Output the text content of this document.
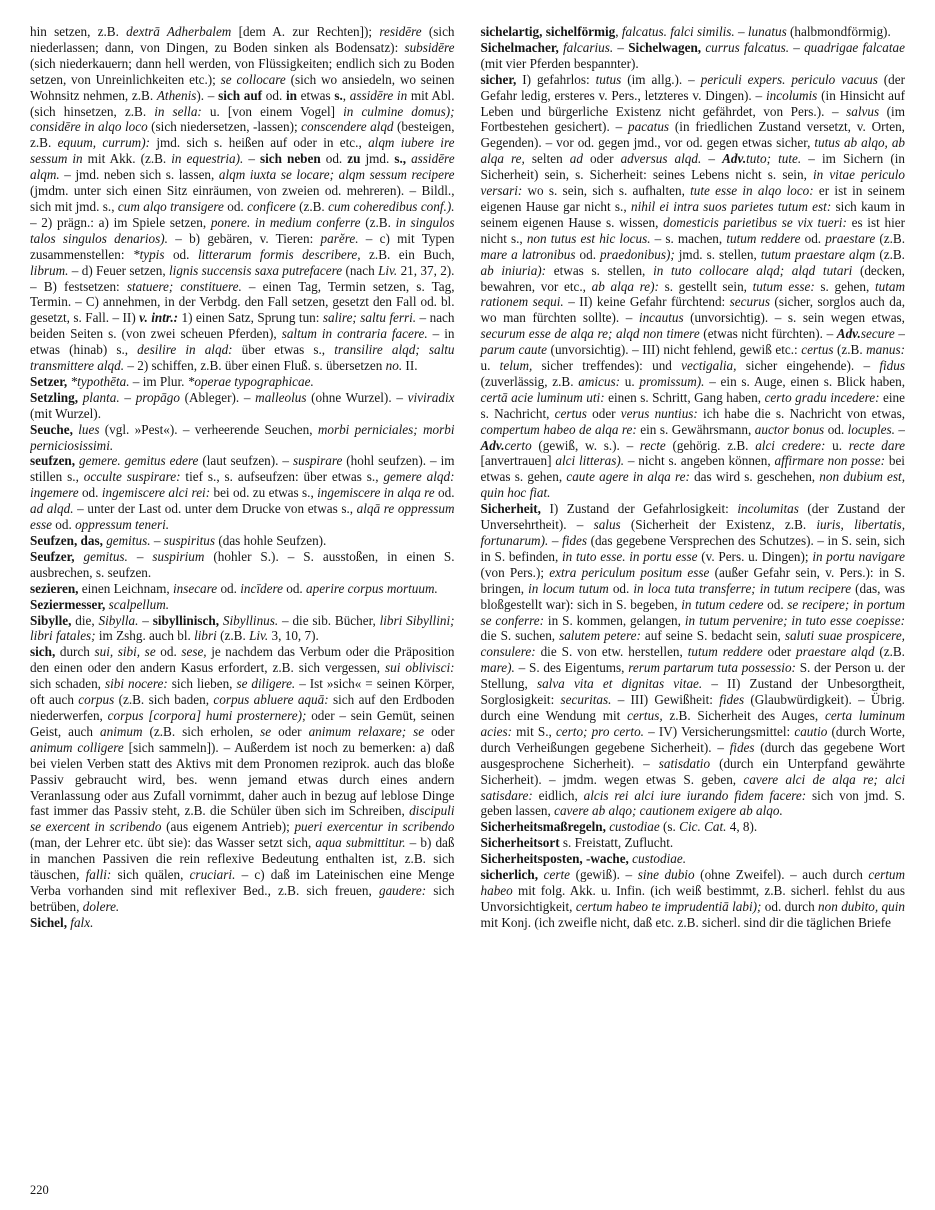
hin setzen, z.B. dextrā Adherbalem [dem A. zur Rechten]); residēre (sich niederlassen; dann, von Dingen, zu Boden sinken als Bodensatz): subsidēre (sich niederkauern; dann hell werden, von Flüssigkeiten; endlich sich zu Boden setzen, von Unreinlichkeiten etc.); se collocare (sich wo ansiedeln, wo seinen Wohnsitz nehmen, z.B. Athenis). – sich auf od. in etwas s., assidēre in mit Abl. (sich hinsetzen, z.B. in sella: u. [von einem Vogel] in culmine domus); considēre in alqo loco (sich niedersetzen, -lassen); conscendere alqd (besteigen, z.B. equum, currum): jmd. sich s. heißen auf oder in etc., alqm iubere ire sessum in mit Akk. (z.B. in equestria). – sich neben od. zu jmd. s., assidēre alqm. – jmd. neben sich s. lassen, alqm iuxta se locare; alqm sessum recipere (jmdm. unter sich einen Sitz einräumen, von zweien od. mehreren). – Bildl., sich mit jmd. s., cum alqo transigere od. conficere (z.B. cum coheredibus conf.). – 2) prägn.: a) im Spiele setzen, ponere. in medium conferre (z.B. in singulos talos singulos denarios). – b) gebären, v. Tieren: parĕre. – c) mit Typen zusammenstellen: *typis od. litterarum formis describere, z.B. ein Buch, librum. – d) Feuer setzen, lignis succensis saxa putrefacere (nach Liv. 21, 37, 2). – B) festsetzen: statuere; constituere. – einen Tag, Termin setzen, s. Tag, Termin. – C) annehmen, in der Verbdg. den Fall setzen, gesetzt den Fall od. bl. gesetzt, s. Fall. – II) v. intr.: 1) einen Satz, Sprung tun: salire; saltu ferri. – nach beiden Seiten s. (von zwei scheuen Pferden), saltum in contraria facere. – in etwas (hinab) s., desilire in alqd: über etwas s., transilire alqd; saltu transmittere alqd. – 2) schiffen, z.B. über einen Fluß. s. übersetzen no. II.

Setzer, *typothēta. – im Plur. *operae typographicae.

Setzling, planta. – propāgo (Ableger). – malleolus (ohne Wurzel). – viviradix (mit Wurzel).

Seuche, lues (vgl. »Pest«). – verheerende Seuchen, morbi perniciales; morbi perniciosissimi.

seufzen, gemere. gemitus edere (laut seufzen). – suspirare (hohl seufzen). – im stillen s., occulte suspirare: tief s., s. aufseufzen: über etwas s., gemere alqd: ingemere od. ingemiscere alci rei: bei od. zu etwas s., ingemiscere in alqa re od. ad alqd. – unter der Last od. unter dem Drucke von etwas s., alqā re oppressum esse od. oppressum teneri.

Seufzen, das, gemitus. – suspiritus (das hohle Seufzen).

Seufzer, gemitus. – suspirium (hohler S.). – S. ausstoßen, in einen S. ausbrechen, s. seufzen.

sezieren, einen Leichnam, insecare od. incīdere od. aperire corpus mortuum.

Seziermesser, scalpellum.

Sibylle, die, Sibylla. – sibyllinisch, Sibyllinus. – die sib. Bücher, libri Sibyllini; libri fatales; im Zshg. auch bl. libri (z.B. Liv. 3, 10, 7).

sich, durch sui, sibi, se od. sese, je nachdem das Verbum oder die Präposition den einen oder den andern Kasus erfordert, z.B. sich vergessen, sui oblivisci: sich schaden, sibi nocere: sich lieben, se diligere. – Ist »sich« = seinen Körper, oft auch corpus (z.B. sich baden, corpus abluere aquā: sich auf den Erdboden niederwerfen, corpus [corpora] humi prosternere); oder – sein Gemüt, seinen Geist, auch animum (z.B. sich erholen, se oder animum relaxare; se oder animum colligere [sich sammeln]). – Außerdem ist noch zu bemerken: a) daß bei vielen Verben statt des Aktivs mit dem Pronomen reziprok. auch das bloße Passiv gebraucht wird, bes. wenn jemand etwas durch eines andern Veranlassung oder aus Zufall vornimmt, daher auch in bezug auf leblose Dinge fast immer das Passiv steht, z.B. die Schüler üben sich im Schreiben, discipuli se exercent in scribendo (aus eigenem Antrieb); pueri exercentur in scribendo (man, der Lehrer etc. übt sie): das Wasser setzt sich, aqua submittitur. – b) daß in manchen Passiven die rein reflexive Bedeutung enthalten ist, z.B. sich täuschen, falli: sich quälen, cruciari. – c) daß im Lateinischen eine Menge Verba vorhanden sind mit reflexiver Bed., z.B. sich freuen, gaudere: sich betrüben, dolere.

Sichel, falx.

sichelartig, sichelförmig, falcatus. falci similis. – lunatus (halbmondförmig).

Sichelmacher, falcarius. – Sichelwagen, currus falcatus. – quadrigae falcatae (mit vier Pferden bespannter).

sicher, I) gefahrlos: tutus (im allg.). – periculi expers. periculo vacuus (der Gefahr ledig, ersteres v. Pers., letzteres v. Dingen). – incolumis (in Hinsicht auf Leben und bürgerliche Existenz nicht gefährdet, von Pers.). – salvus (im Fortbestehen gesichert). – pacatus (in friedlichen Zustand versetzt, v. Orten, Gegenden). – vor od. gegen jmd., vor od. gegen etwas sicher, tutus ab alqo, ab alqa re, selten ad oder adversus alqd. – Adv.tuto; tute. – im Sichern (in Sicherheit) sein, s. Sicherheit: seines Lebens nicht s. sein, in vitae periculo versari: wo s. sein, sich s. aufhalten, tute esse in alqo loco: er ist in seinem eigenen Hause gar nicht s., nihil ei intra suos parietes tutum est: sich kaum in seinem eigenen Hause s. wissen, domesticis parietibus se vix tueri: es ist hier nicht s., non tutus est hic locus. – s. machen, tutum reddere od. praestare (z.B. mare a latronibus od. praedonibus); jmd. s. stellen, tutum praestare alqm (z.B. ab iniuria): etwas s. stellen, in tuto collocare alqd; alqd tutari (decken, bewahren, vor etc., ab alqa re): s. gestellt sein, tutum esse: s. gehen, tutam rationem sequi. – II) keine Gefahr fürchtend: securus (sicher, sorglos auch da, wo man fürchten sollte). – incautus (unvorsichtig). – s. sein wegen etwas, securum esse de alqa re; alqd non timere (etwas nicht fürchten). – Adv.secure – parum caute (unvorsichtig). – III) nicht fehlend, gewiß etc.: certus (z.B. manus: u. telum, sicher treffendes): und vectigalia, sicher eingehende). – fidus (zuverlässig, z.B. amicus: u. promissum). – ein s. Auge, einen s. Blick haben, certā acie luminum uti: einen s. Schritt, Gang haben, certo gradu incedere: eine s. Nachricht, certus oder verus nuntius: ich habe die s. Nachricht von etwas, compertum habeo de alqa re: ein s. Gewährsmann, auctor bonus od. locuples. – Adv.certo (gewiß, w. s.). – recte (gehörig. z.B. alci credere: u. recte dare [anvertrauen] alci litteras). – nicht s. angeben können, affirmare non posse: bei etwas s. gehen, caute agere in alqa re: das wird s. geschehen, non dubium est, quin hoc fiat.

Sicherheit, I) Zustand der Gefahrlosigkeit: incolumitas (der Zustand der Unversehrtheit). – salus (Sicherheit der Existenz, z.B. iuris, libertatis, fortunarum). – fides (das gegebene Versprechen des Schutzes). – in S. sein, sich in S. befinden, in tuto esse. in portu esse (v. Pers. u. Dingen); in portu navigare (von Pers.); extra periculum positum esse (außer Gefahr sein, v. Pers.): in S. bringen, in locum tutum od. in loca tuta transferre; in tutum recipere (das, was bloßgestellt war): sich in S. begeben, in tutum cedere od. se recipere; in portum se conferre: in S. kommen, gelangen, in tutum pervenire; in tuto esse coepisse: die S. suchen, salutem petere: auf seine S. bedacht sein, saluti suae prospicere, consulere: die S. von etw. herstellen, tutum reddere oder praestare alqd (z.B. mare). – S. des Eigentums, rerum partarum tuta possessio: S. der Person u. der Stellung, salva vita et dignitas vitae. – II) Zustand der Unbesorgtheit, Sorglosigkeit: securitas. – III) Gewißheit: fides (Glaubwürdigkeit). – Übrig. durch eine Wendung mit certus, z.B. Sicherheit des Auges, certa luminum acies: mit S., certo; pro certo. – IV) Versicherungsmittel: cautio (durch Worte, durch Verheißungen gegebene Sicherheit). – fides (durch das gegebene Wort ausgesprochene Sicherheit). – satisdatio (durch ein Unterpfand gewährte Sicherheit). – jmdm. wegen etwas S. geben, cavere alci de alqa re; alci satisdare: eidlich, alcis rei alci iure iurando fidem facere: sich von jmd. S. geben lassen, cavere ab alqo; cautionem exigere ab alqo.

Sicherheitsmaßregeln, custodiae (s. Cic. Cat. 4, 8).

Sicherheitsort s. Freistatt, Zuflucht.

Sicherheitsposten, -wache, custodiae.

sicherlich, certe (gewiß). – sine dubio (ohne Zweifel). – auch durch certum habeo mit folg. Akk. u. Infin. (ich weiß bestimmt, z.B. sicherl. fehlst du aus Unvorsichtigkeit, certum habeo te imprudentiā labi); od. durch non dubito, quin mit Konj. (ich zweifle nicht, daß etc. z.B. sicherl. sind dir die täglichen Briefe

220
